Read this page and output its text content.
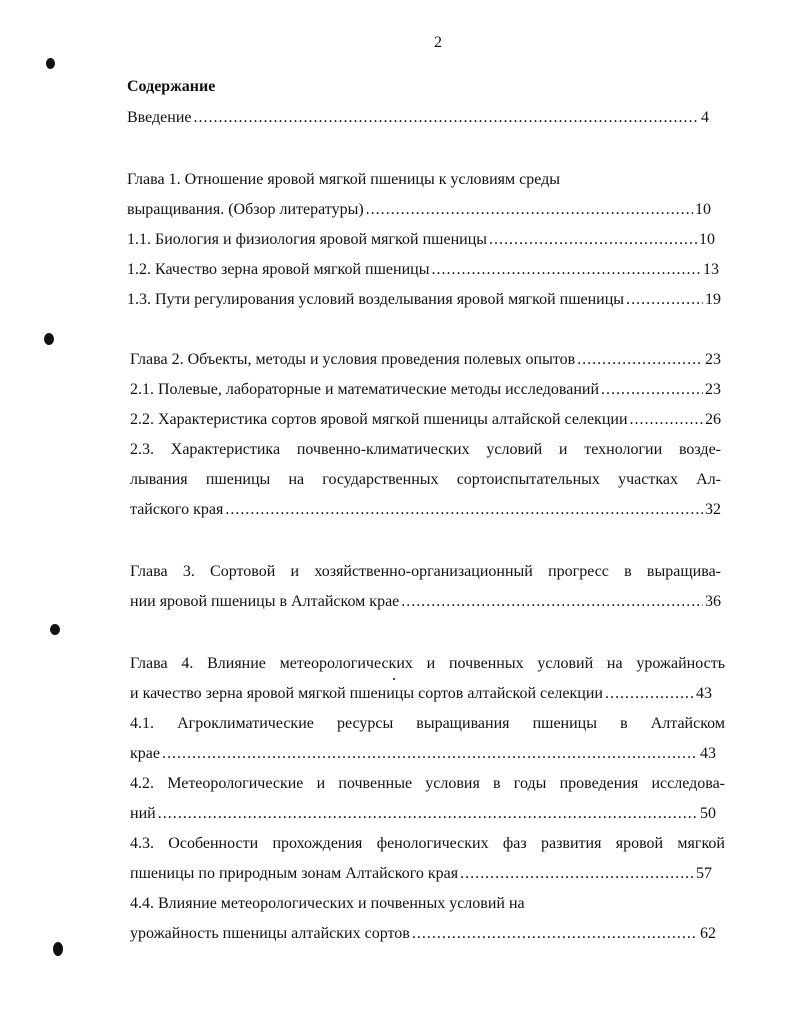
2
Содержание
Введение .....	4
Глава 1. Отношение яровой мягкой пшеницы к условиям среды
выращивания. (Обзор литературы) .....	10
1.1. Биология и физиология яровой мягкой пшеницы .....	10
1.2. Качество зерна яровой мягкой пшеницы .....	13
1.3. Пути регулирования условий возделывания яровой мягкой пшеницы .....	19
Глава 2. Объекты, методы и условия проведения полевых опытов .....	23
2.1. Полевые, лабораторные и математические методы исследований .....	23
2.2. Характеристика сортов яровой мягкой пшеницы алтайской селекции .....	26
2.3. Характеристика почвенно-климатических условий и технологии возде-
лывания пшеницы на государственных сортоиспытательных участках Ал-
тайского края .....	32
Глава 3. Сортовой и хозяйственно-организационный прогресс в выращива-
нии яровой пшеницы в Алтайском крае .....	36
Глава 4. Влияние метеорологических и почвенных условий на урожайность
и качество зерна яровой мягкой пшеницы сортов алтайской селекции .....	43
4.1. Агроклиматические ресурсы выращивания пшеницы в Алтайском
крае .....	43
4.2. Метеорологические и почвенные условия в годы проведения исследова-
ний .....	50
4.3. Особенности прохождения фенологических фаз развития яровой мягкой
пшеницы по природным зонам Алтайского края .....	57
4.4. Влияние метеорологических и почвенных условий на
урожайность пшеницы алтайских сортов .....	62
